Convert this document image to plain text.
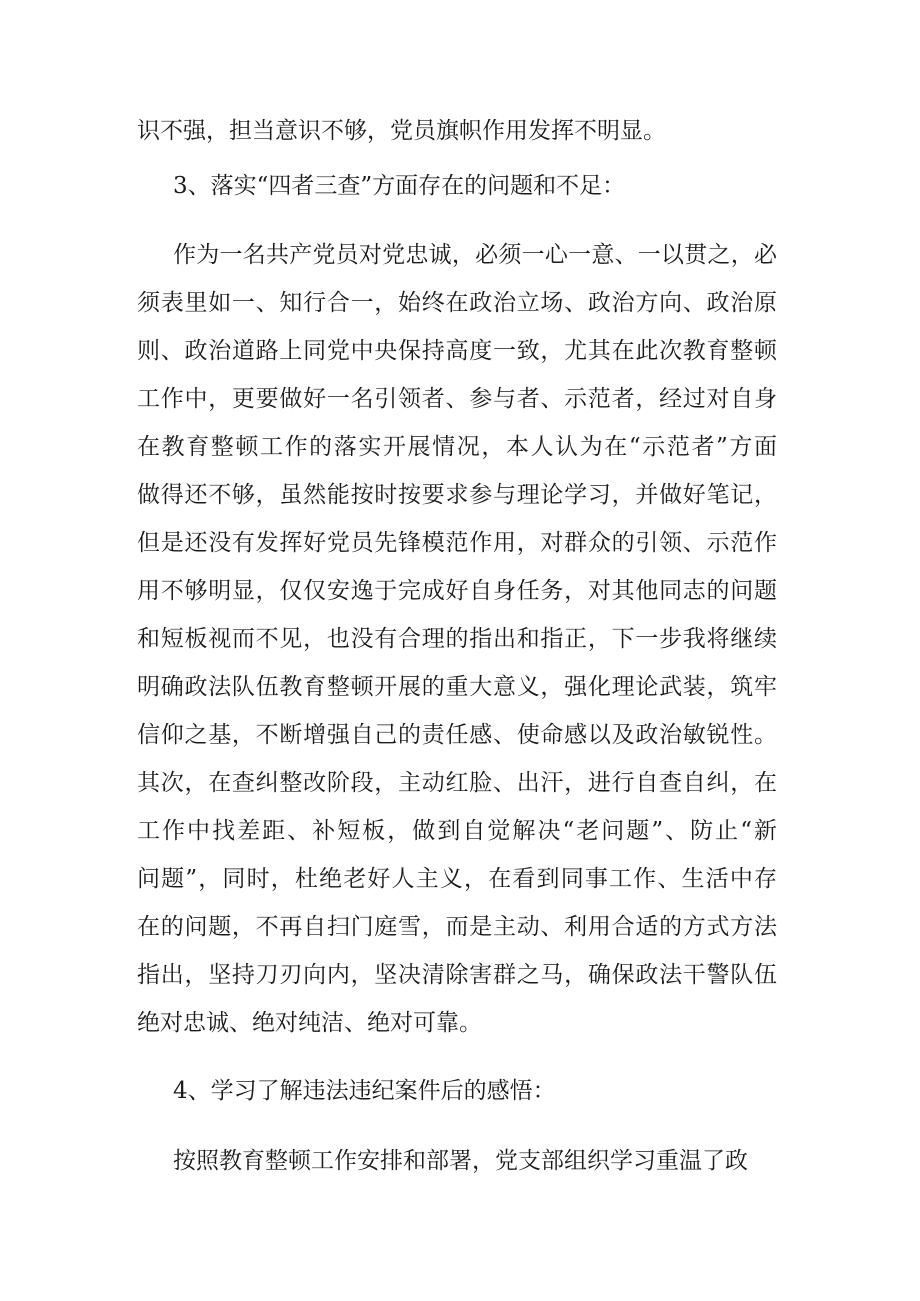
识不强，担当意识不够，党员旗帜作用发挥不明显。

3、落实“四者三查”方面存在的问题和不足：

作为一名共产党员对党忠诚，必须一心一意、一以贯之，必

须表里如一、知行合一，始终在政治立场、政治方向、政治原

则、政治道路上同党中央保持高度一致，尤其在此次教育整顿

工作中，更要做好一名引领者、参与者、示范者，经过对自身

在教育整顿工作的落实开展情况，本人认为在“示范者”方面

做得还不够，虽然能按时按要求参与理论学习，并做好笔记，

但是还没有发挥好党员先锋模范作用，对群众的引领、示范作

用不够明显，仅仅安逸于完成好自身任务，对其他同志的问题

和短板视而不见，也没有合理的指出和指正，下一步我将继续

明确政法队伍教育整顿开展的重大意义，强化理论武装，筑牢

信仰之基，不断增强自己的责任感、使命感以及政治敏锐性。

其次，在查纠整改阶段，主动红脸、出汗，进行自查自纠，在

工作中找差距、补短板，做到自觉解决“老问题”、防止“新

问题”，同时，杜绝老好人主义，在看到同事工作、生活中存

在的问题，不再自扫门庭雪，而是主动、利用合适的方式方法

指出，坚持刀刃向内，坚决清除害群之马，确保政法干警队伍

绝对忠诚、绝对纯洁、绝对可靠。

4、学习了解违法违纪案件后的感悟：

按照教育整顿工作安排和部署，党支部组织学习重温了政
